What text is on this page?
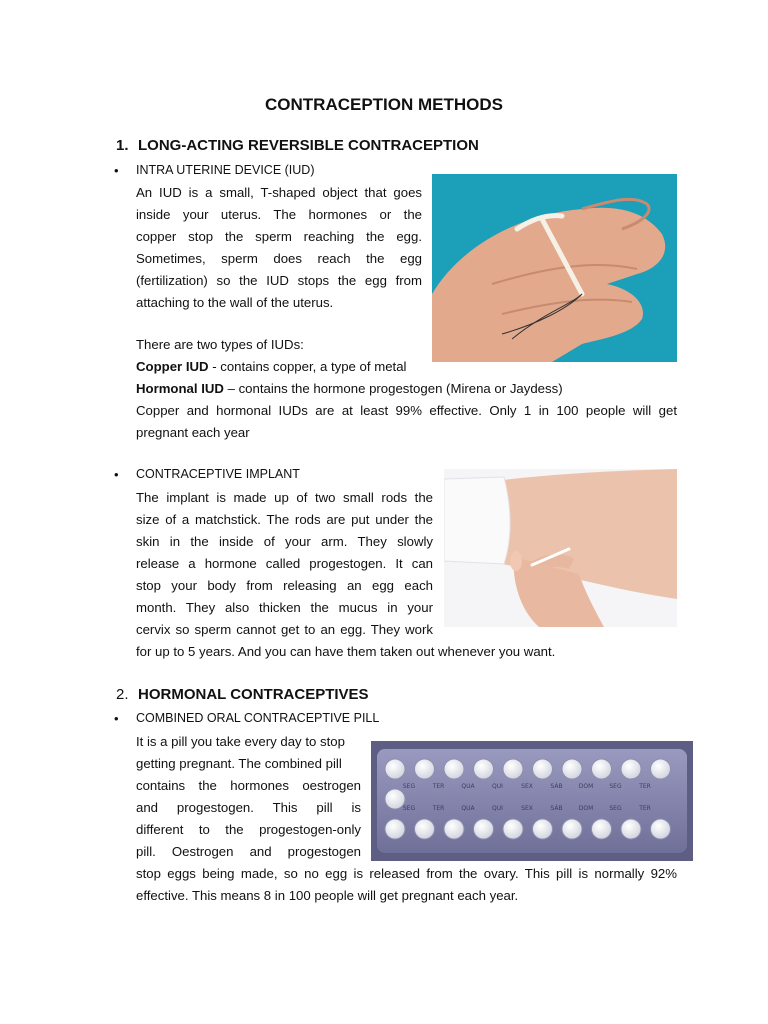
CONTRACEPTION METHODS
1. LONG-ACTING REVERSIBLE CONTRACEPTION
• INTRA UTERINE DEVICE (IUD)
An IUD is a small, T-shaped object that goes
inside your uterus. The hormones or the
copper stop the sperm reaching the egg.
Sometimes, sperm does reach the egg
(fertilization) so the IUD stops the egg from
attaching to the wall of the uterus.
There are two types of IUDs:
Copper IUD - contains copper, a type of metal
Hormonal IUD – contains the hormone progestogen (Mirena or Jaydess)
Copper and hormonal IUDs are at least 99% effective. Only 1 in 100 people will get
pregnant each year
• CONTRACEPTIVE IMPLANT
The implant is made up of two small rods the
size of a matchstick. The rods are put under the
skin in the inside of your arm. They slowly
release a hormone called progestogen. It can
stop your body from releasing an egg each
month. They also thicken the mucus in your
cervix so sperm cannot get to an egg. They work
for up to 5 years. And you can have them taken out whenever you want.
2. HORMONAL CONTRACEPTIVES
• COMBINED ORAL CONTRACEPTIVE PILL
It is a pill you take every day to stop
getting pregnant. The combined pill
contains the hormones oestrogen
and progestogen. This pill is
different to the progestogen-only
pill. Oestrogen and progestogen
stop eggs being made, so no egg is released from the ovary. This pill is normally 92%
effective. This means 8 in 100 people will get pregnant each year.
SEG	TER	QUA	QUI	SEX	SÁB	DOM	SEG	TER
SEG	TER	QUA	QUI	SEX	SÁB	DOM	SEG	TER
